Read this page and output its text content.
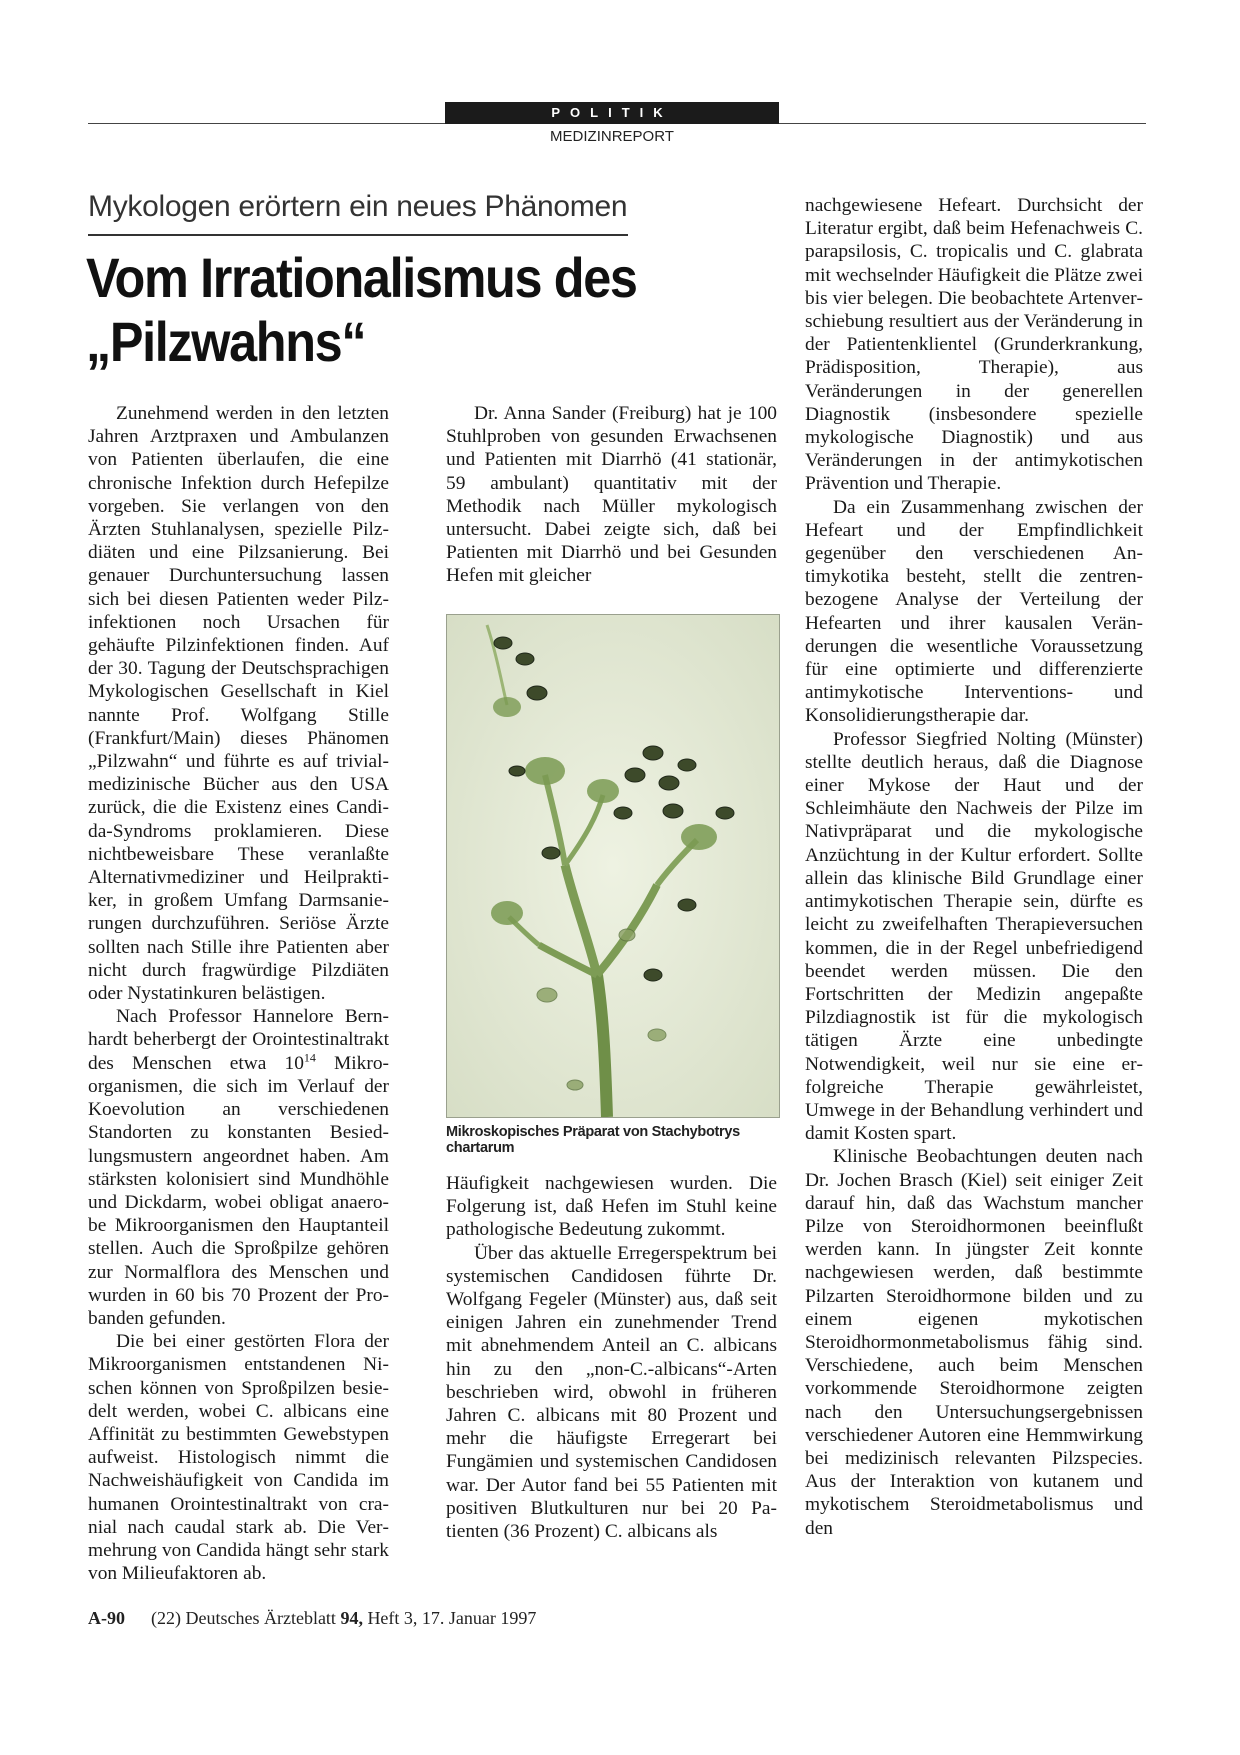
POLITIK
MEDIZINREPORT
Mykologen erörtern ein neues Phänomen
Vom Irrationalismus des
„Pilzwahns“

Zunehmend werden in den letzten Jahren Arztpraxen und Ambulanzen von Patienten überlaufen, die eine chronische Infektion durch Hefepilze vorgeben. Sie verlangen von den Ärzten Stuhlanalysen, spezielle Pilzdiäten und eine Pilzsanierung. Bei genauer Durchuntersuchung lassen sich bei diesen Patienten weder Pilzinfektionen noch Ursachen für gehäufte Pilzinfektionen finden. Auf der 30. Tagung der Deutschsprachigen Mykologischen Gesellschaft in Kiel nannte Prof. Wolfgang Stille (Frankfurt/Main) dieses Phänomen „Pilzwahn“ und führte es auf trivialmedizinische Bücher aus den USA zurück, die die Existenz eines Candida-Syndroms proklamieren. Diese nichtbeweisbare These veranlaßte Alternativmediziner und Heilpraktiker, in großem Umfang Darmsanierungen durchzuführen. Seriöse Ärzte sollten nach Stille ihre Patienten aber nicht durch fragwürdige Pilzdiäten oder Nystatinkuren belästigen.

Nach Professor Hannelore Bernhardt beherbergt der Orointestinaltrakt des Menschen etwa $10^{14}$ Mikroorganismen, die sich im Verlauf der Koevolution an verschiedenen Standorten zu konstanten Besiedlungsmustern angeordnet haben. Am stärksten kolonisiert sind Mundhöhle und Dickdarm, wobei obligat anaerobe Mikroorganismen den Hauptanteil stellen. Auch die Sproßpilze gehören zur Normalflora des Menschen und wurden in 60 bis 70 Prozent der Probanden gefunden.

Die bei einer gestörten Flora der Mikroorganismen entstandenen Nischen können von Sproßpilzen besiedelt werden, wobei C. albicans eine Affinität zu bestimmten Gewebstypen aufweist. Histologisch nimmt die Nachweishäufigkeit von Candida im humanen Orointestinaltrakt von cranial nach caudal stark ab. Die Vermehrung von Candida hängt sehr stark von Milieufaktoren ab.

Dr. Anna Sander (Freiburg) hat je 100 Stuhlproben von gesunden Erwachsenen und Patienten mit Diarrhö (41 stationär, 59 ambulant) quantitativ mit der Methodik nach Müller mykologisch untersucht. Dabei zeigte sich, daß bei Patienten mit Diarrhö und bei Gesunden Hefen mit gleicher

Mikroskopisches Präparat von Stachybotrys chartarum

Häufigkeit nachgewiesen wurden. Die Folgerung ist, daß Hefen im Stuhl keine pathologische Bedeutung zukommt.

Über das aktuelle Erregerspektrum bei systemischen Candidosen führte Dr. Wolfgang Fegeler (Münster) aus, daß seit einigen Jahren ein zunehmender Trend mit abnehmendem Anteil an C. albicans hin zu den „non-C.-albicans“-Arten beschrieben wird, obwohl in früheren Jahren C. albicans mit 80 Prozent und mehr die häufigste Erregerart bei Fungämien und systemischen Candidosen war. Der Autor fand bei 55 Patienten mit positiven Blutkulturen nur bei 20 Patienten (36 Prozent) C. albicans als

nachgewiesene Hefeart. Durchsicht der Literatur ergibt, daß beim Hefenachweis C. parapsilosis, C. tropicalis und C. glabrata mit wechselnder Häufigkeit die Plätze zwei bis vier belegen. Die beobachtete Artenverschiebung resultiert aus der Veränderung in der Patientenklientel (Grunderkrankung, Prädisposition, Therapie), aus Veränderungen in der generellen Diagnostik (insbesondere spezielle mykologische Diagnostik) und aus Veränderungen in der antimykotischen Prävention und Therapie.

Da ein Zusammenhang zwischen der Hefeart und der Empfindlichkeit gegenüber den verschiedenen Antimykotika besteht, stellt die zentrenbezogene Analyse der Verteilung der Hefearten und ihrer kausalen Veränderungen die wesentliche Voraussetzung für eine optimierte und differenzierte antimykotische Interventions- und Konsolidierungstherapie dar.

Professor Siegfried Nolting (Münster) stellte deutlich heraus, daß die Diagnose einer Mykose der Haut und der Schleimhäute den Nachweis der Pilze im Nativpräparat und die mykologische Anzüchtung in der Kultur erfordert. Sollte allein das klinische Bild Grundlage einer antimykotischen Therapie sein, dürfte es leicht zu zweifelhaften Therapieversuchen kommen, die in der Regel unbefriedigend beendet werden müssen. Die den Fortschritten der Medizin angepaßte Pilzdiagnostik ist für die mykologisch tätigen Ärzte eine unbedingte Notwendigkeit, weil nur sie eine erfolgreiche Therapie gewährleistet, Umwege in der Behandlung verhindert und damit Kosten spart.

Klinische Beobachtungen deuten nach Dr. Jochen Brasch (Kiel) seit einiger Zeit darauf hin, daß das Wachstum mancher Pilze von Steroidhormonen beeinflußt werden kann. In jüngster Zeit konnte nachgewiesen werden, daß bestimmte Pilzarten Steroidhormone bilden und zu einem eigenen mykotischen Steroidhormonmetabolismus fähig sind. Verschiedene, auch beim Menschen vorkommende Steroidhormone zeigten nach den Untersuchungsergebnissen verschiedener Autoren eine Hemmwirkung bei medizinisch relevanten Pilzspecies. Aus der Interaktion von kutanem und mykotischem Steroidmetabolismus und den

A-90 (22) Deutsches Ärzteblatt 94, Heft 3, 17. Januar 1997
